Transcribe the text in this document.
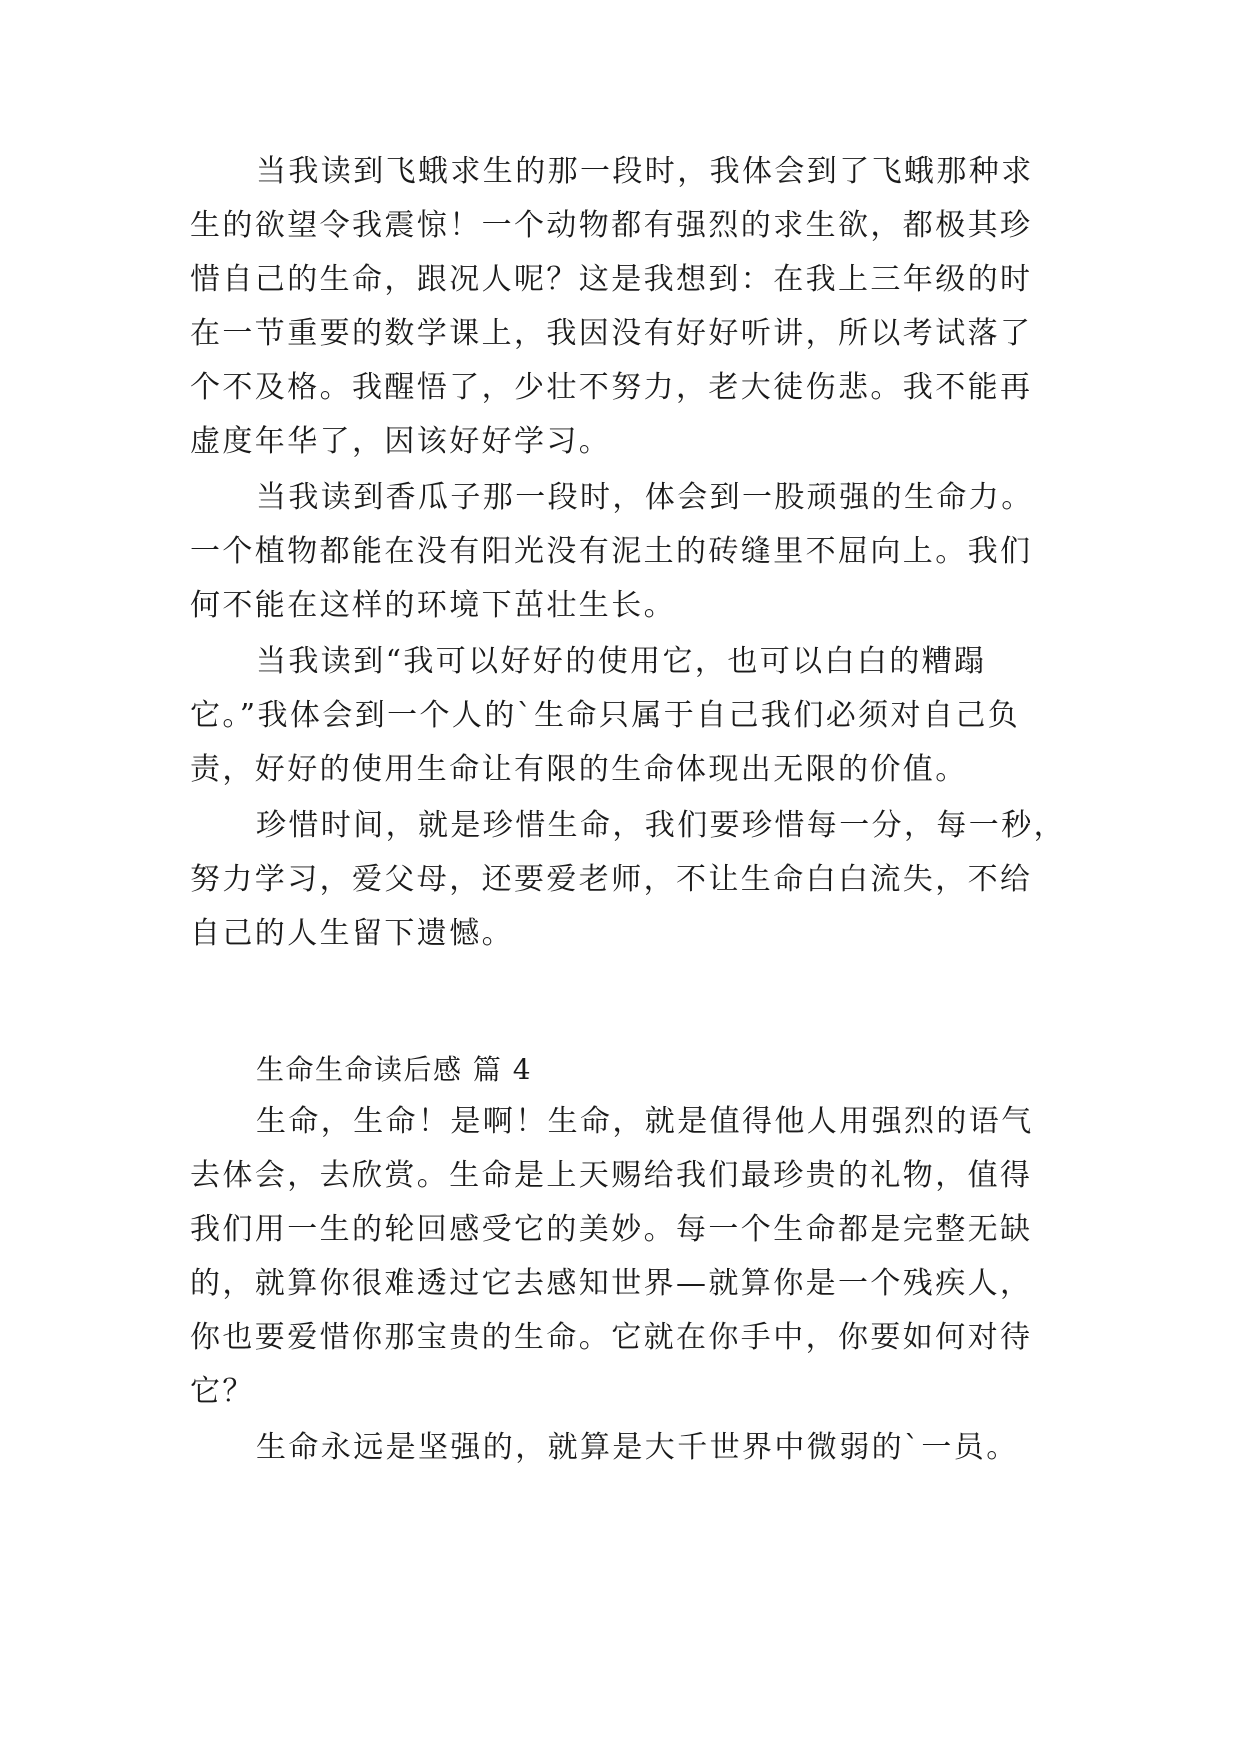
当我读到飞蛾求生的那一段时，我体会到了飞蛾那种求

生的欲望令我震惊！一个动物都有强烈的求生欲，都极其珍

惜自己的生命，跟况人呢？这是我想到：在我上三年级的时

在一节重要的数学课上，我因没有好好听讲，所以考试落了

个不及格。我醒悟了，少壮不努力，老大徒伤悲。我不能再

虚度年华了，因该好好学习。

当我读到香瓜子那一段时，体会到一股顽强的生命力。

一个植物都能在没有阳光没有泥土的砖缝里不屈向上。我们

何不能在这样的环境下茁壮生长。

当我读到“我可以好好的使用它，也可以白白的糟蹋

它。”我体会到一个人的`生命只属于自己我们必须对自己负

责，好好的使用生命让有限的生命体现出无限的价值。

珍惜时间，就是珍惜生命，我们要珍惜每一分，每一秒，

努力学习，爱父母，还要爱老师，不让生命白白流失，不给

自己的人生留下遗憾。

生命生命读后感 篇 4

生命，生命！是啊！生命，就是值得他人用强烈的语气

去体会，去欣赏。生命是上天赐给我们最珍贵的礼物，值得

我们用一生的轮回感受它的美妙。每一个生命都是完整无缺

的，就算你很难透过它去感知世界—就算你是一个残疾人，

你也要爱惜你那宝贵的生命。它就在你手中，你要如何对待

它？

生命永远是坚强的，就算是大千世界中微弱的`一员。
